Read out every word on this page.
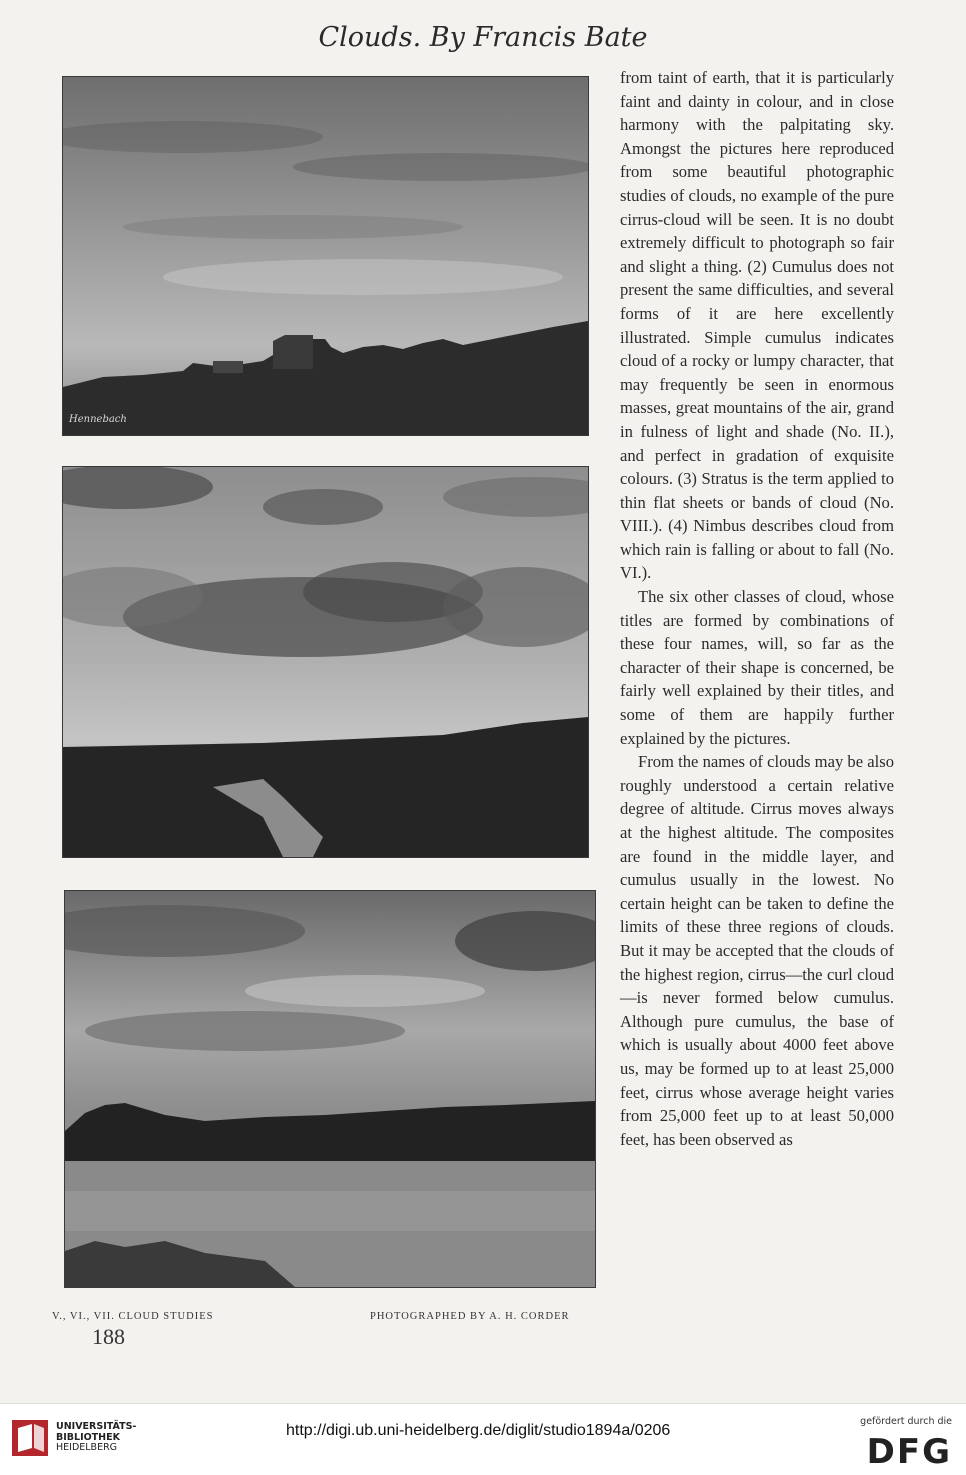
Clouds. By Francis Bate
Hennebach

from taint of earth, that it is particularly faint and dainty in colour, and in close harmony with the palpitating sky. Amongst the pictures here reproduced from some beautiful photographic studies of clouds, no example of the pure cirrus-cloud will be seen. It is no doubt extremely difficult to photograph so fair and slight a thing. (2) Cumulus does not present the same difficulties, and several forms of it are here excellently illustrated. Simple cumulus indicates cloud of a rocky or lumpy character, that may frequently be seen in enormous masses, great mountains of the air, grand in fulness of light and shade (No. II.), and perfect in gradation of exquisite colours. (3) Stratus is the term applied to thin flat sheets or bands of cloud (No. VIII.). (4) Nimbus describes cloud from which rain is falling or about to fall (No. VI.).

The six other classes of cloud, whose titles are formed by combinations of these four names, will, so far as the character of their shape is concerned, be fairly well explained by their titles, and some of them are happily further explained by the pictures.

From the names of clouds may be also roughly understood a certain relative degree of altitude. Cirrus moves always at the highest altitude. The composites are found in the middle layer, and cumulus usually in the lowest. No certain height can be taken to define the limits of these three regions of clouds. But it may be accepted that the clouds of the highest region, cirrus—the curl cloud—is never formed below cumulus. Although pure cumulus, the base of which is usually about 4000 feet above us, may be formed up to at least 25,000 feet, cirrus whose average height varies from 25,000 feet up to at least 50,000 feet, has been observed as

V., VI., VII. CLOUD STUDIES	PHOTOGRAPHED BY A. H. CORDER
188
UNIVERSITÄTS-
BIBLIOTHEK
HEIDELBERG
http://digi.ub.uni-heidelberg.de/diglit/studio1894a/0206
gefördert durch die
DFG
